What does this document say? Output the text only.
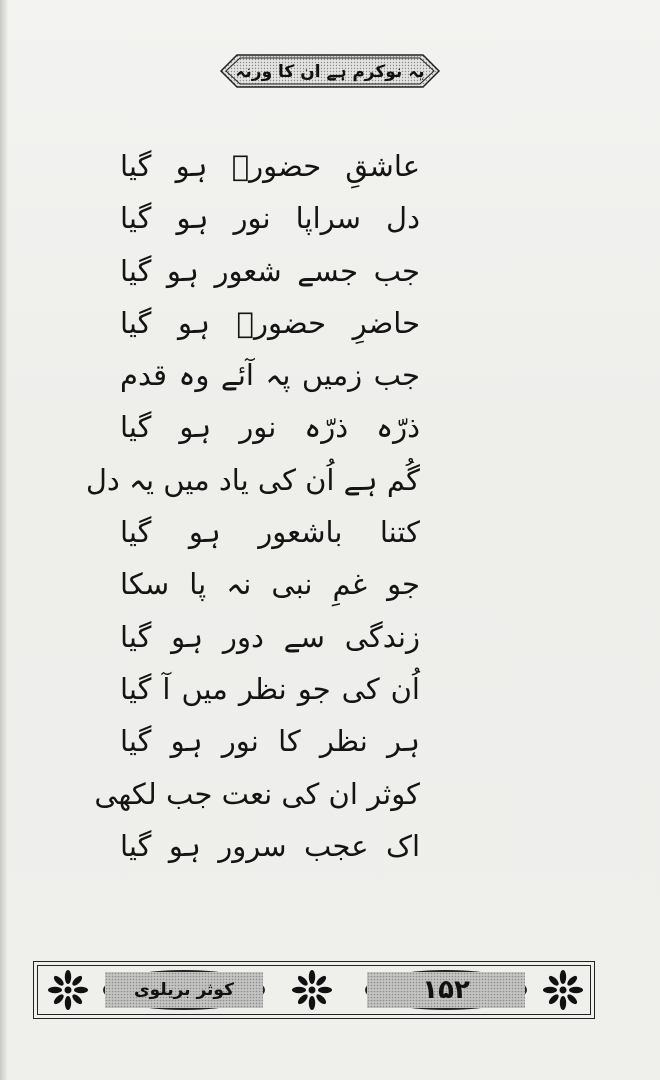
یہ نوکرم ہے ان کا ورنہ
عاشقِ حضورؐ ہو گیا
دل سراپا نور ہو گیا
جب جسے شعور ہو گیا
حاضرِ حضورؐ ہو گیا
جب زمیں پہ آئے وہ قدم
ذرّہ ذرّہ نور ہو گیا
گُم ہے اُن کی یاد میں یہ دل
کتنا باشعور ہو گیا
جو غمِ نبی نہ پا سکا
زندگی سے دور ہو گیا
اُن کی جو نظر میں آ گیا
ہر نظر کا نور ہو گیا
کوثر ان کی نعت جب لکھی
اک عجب سرور ہو گیا
کوثر بریلوی	۱۵۲
